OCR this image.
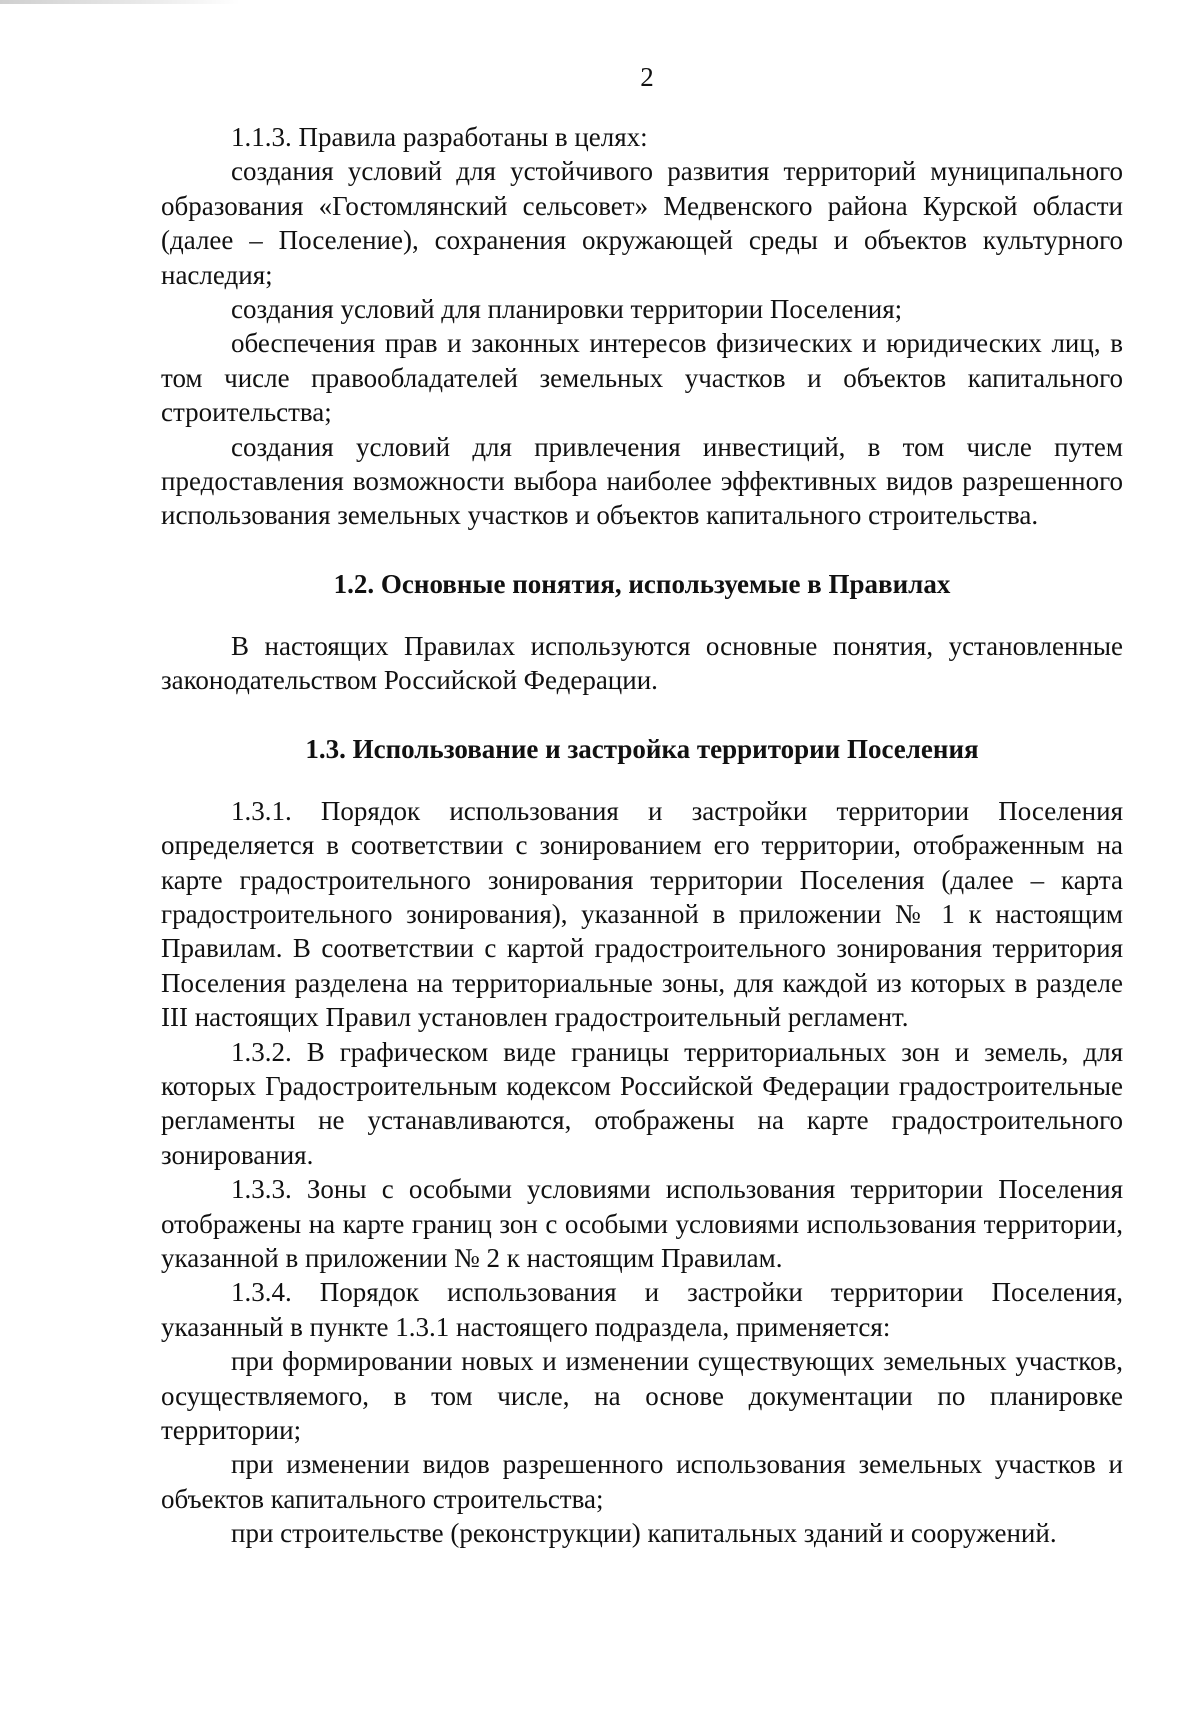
2

1.1.3. Правила разработаны в целях:

создания условий для устойчивого развития территорий муниципального образования «Гостомлянский сельсовет» Медвенского района Курской области (далее – Поселение), сохранения окружающей среды и объектов культурного наследия;

создания условий для планировки территории Поселения;

обеспечения прав и законных интересов физических и юридических лиц, в том числе правообладателей земельных участков и объектов капитального строительства;

создания условий для привлечения инвестиций, в том числе путем предоставления возможности выбора наиболее эффективных видов разрешенного использования земельных участков и объектов капитального строительства.

1.2. Основные понятия, используемые в Правилах

В настоящих Правилах используются основные понятия, установленные законодательством Российской Федерации.

1.3. Использование и застройка территории Поселения

1.3.1. Порядок использования и застройки территории Поселения определяется в соответствии с зонированием его территории, отображенным на карте градостроительного зонирования территории Поселения (далее – карта градостроительного зонирования), указанной в приложении № 1 к настоящим Правилам. В соответствии с картой градостроительного зонирования территория Поселения разделена на территориальные зоны, для каждой из которых в разделе III настоящих Правил установлен градостроительный регламент.

1.3.2. В графическом виде границы территориальных зон и земель, для которых Градостроительным кодексом Российской Федерации градостроительные регламенты не устанавливаются, отображены на карте градостроительного зонирования.

1.3.3. Зоны с особыми условиями использования территории Поселения отображены на карте границ зон с особыми условиями использования территории, указанной в приложении № 2 к настоящим Правилам.

1.3.4. Порядок использования и застройки территории Поселения, указанный в пункте 1.3.1 настоящего подраздела, применяется:

при формировании новых и изменении существующих земельных участков, осуществляемого, в том числе, на основе документации по планировке территории;

при изменении видов разрешенного использования земельных участков и объектов капитального строительства;

при строительстве (реконструкции) капитальных зданий и сооружений.
